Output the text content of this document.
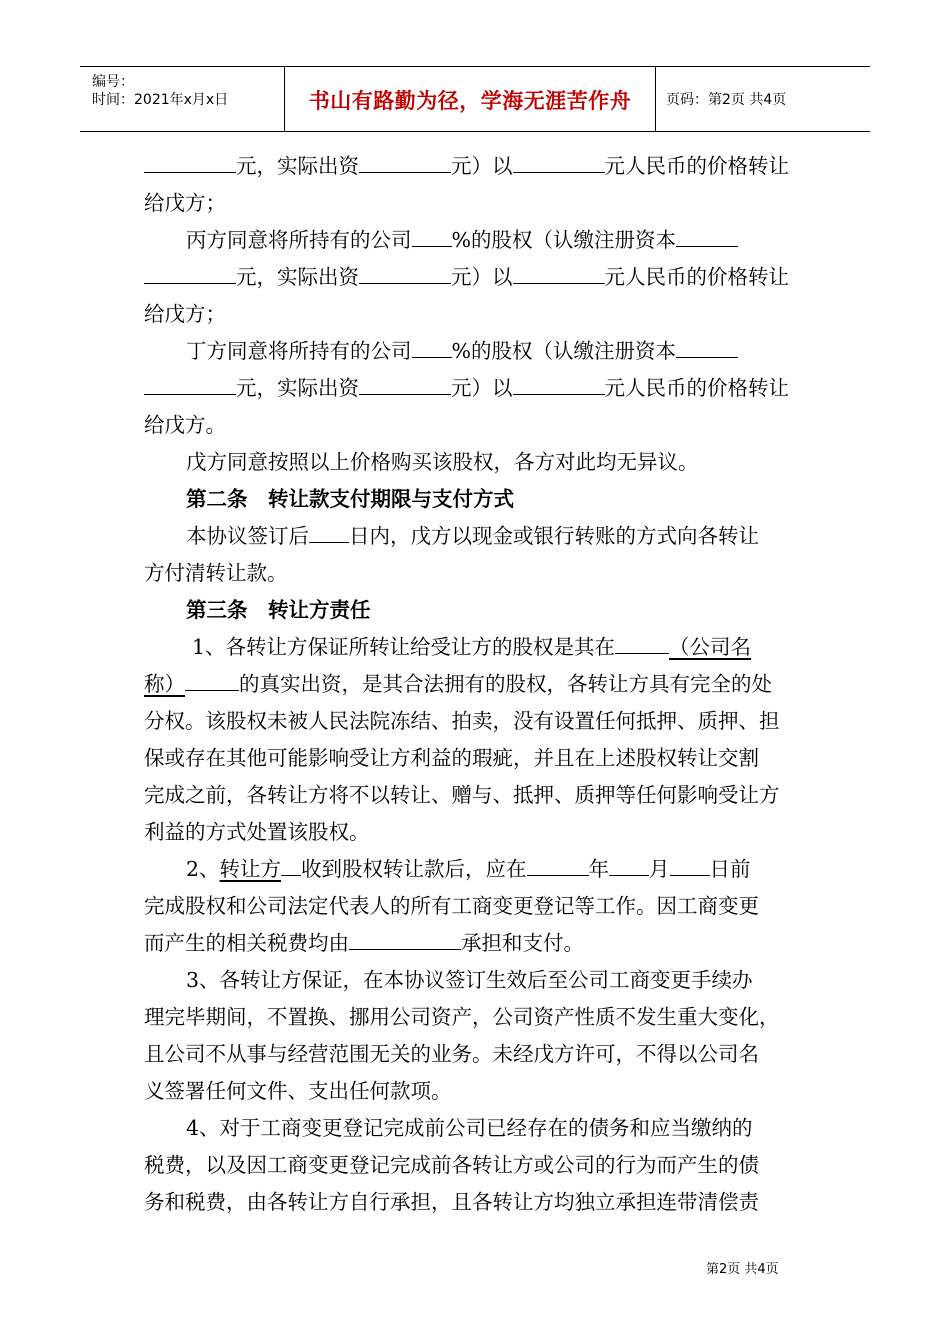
编号：
时间：2021年x月x日	书山有路勤为径，学海无涯苦作舟	页码：第2页 共4页
元，实际出资	元）以	元人民币的价格转让
给戊方；
丙方同意将所持有的公司 %的股权（认缴注册资本
元，实际出资	元）以	元人民币的价格转让
给戊方；
丁方同意将所持有的公司 %的股权（认缴注册资本
元，实际出资	元）以	元人民币的价格转让
给戊方。
戊方同意按照以上价格购买该股权，各方对此均无异议。
第二条　转让款支付期限与支付方式
本协议签订后 日内，戊方以现金或银行转账的方式向各转让
方付清转让款。
第三条　转让方责任
1、各转让方保证所转让给受让方的股权是其在	（公司名
称）	的真实出资，是其合法拥有的股权，各转让方具有完全的处
分权。该股权未被人民法院冻结、拍卖，没有设置任何抵押、质押、担
保或存在其他可能影响受让方利益的瑕疵，并且在上述股权转让交割
完成之前，各转让方将不以转让、赠与、抵押、质押等任何影响受让方
利益的方式处置该股权。
2、转让方 收到股权转让款后，应在	年 月 日前
完成股权和公司法定代表人的所有工商变更登记等工作。因工商变更
而产生的相关税费均由	承担和支付。
3、各转让方保证，在本协议签订生效后至公司工商变更手续办
理完毕期间，不置换、挪用公司资产，公司资产性质不发生重大变化，
且公司不从事与经营范围无关的业务。未经戊方许可，不得以公司名
义签署任何文件、支出任何款项。
4、对于工商变更登记完成前公司已经存在的债务和应当缴纳的
税费，以及因工商变更登记完成前各转让方或公司的行为而产生的债
务和税费，由各转让方自行承担，且各转让方均独立承担连带清偿责
第2页 共4页
